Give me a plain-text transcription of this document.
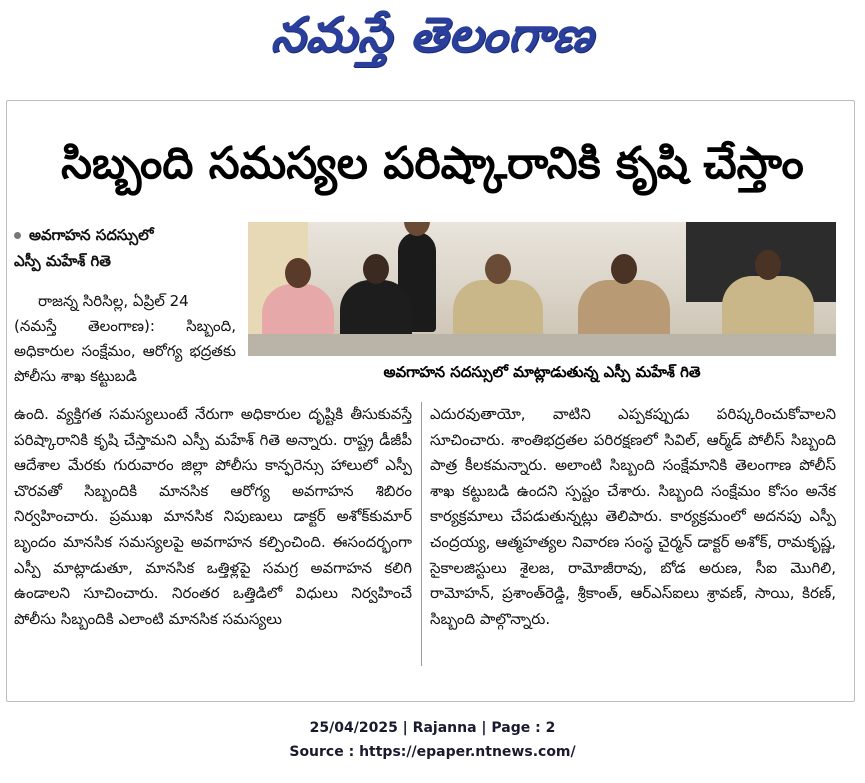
నమస్తే తెలంగాణ
సిబ్బంది సమస్యల పరిష్కారానికి కృషి చేస్తాం
అవగాహన సదస్సులో
ఎస్పీ మహేశ్ గితె
అవగాహన సదస్సులో మాట్లాడుతున్న ఎస్పీ మహేశ్ గితె

రాజన్న సిరిసిల్ల, ఏప్రిల్ 24

(నమస్తే తెలంగాణ): సిబ్బంది, అధికారుల సంక్షేమం, ఆరోగ్య భద్రతకు పోలీసు శాఖ కట్టుబడి

ఉంది. వ్యక్తిగత సమస్యలుంటే నేరుగా అధికారుల దృష్టికి తీసుకువస్తే పరిష్కారానికి కృషి చేస్తామని ఎస్పీ మహేశ్ గితె అన్నారు. రాష్ట్ర డీజీపీ ఆదేశాల మేరకు గురువారం జిల్లా పోలీసు కాన్ఫరెన్సు హాలులో ఎస్పీ చొరవతో సిబ్బందికి మానసిక ఆరోగ్య అవగాహన శిబిరం నిర్వహించారు. ప్రముఖ మానసిక నిపుణులు డాక్టర్ అశోక్‌కుమార్ బృందం మానసిక సమస్యలపై అవగాహన కల్పించింది. ఈసందర్భంగా ఎస్పీ మాట్లాడుతూ, మానసిక ఒత్తిళ్లపై సమగ్ర అవగాహన కలిగి ఉండాలని సూచించారు. నిరంతర ఒత్తిడిలో విధులు నిర్వహించే పోలీసు సిబ్బందికి ఎలాంటి మానసిక సమస్యలు
ఎదురవుతాయో, వాటిని ఎప్పకప్పుడు పరిష్కరించుకోవాలని సూచించారు. శాంతిభద్రతల పరిరక్షణలో సివిల్, ఆర్మ్‌డ్ పోలీస్ సిబ్బంది పాత్ర కీలకమన్నారు. అలాంటి సిబ్బంది సంక్షేమానికి తెలంగాణ పోలీస్ శాఖ కట్టుబడి ఉందని స్పష్టం చేశారు. సిబ్బంది సంక్షేమం కోసం అనేక కార్యక్రమాలు చేపడుతున్నట్లు తెలిపారు. కార్యక్రమంలో అదనపు ఎస్పీ చంద్రయ్య, ఆత్మహత్యల నివారణ సంస్థ చైర్మన్ డాక్టర్ అశోక్, రామకృష్ణ, సైకాలజిస్టులు శైలజ, రామోజీరావు, బోడ అరుణ, సీఐ మొగిలి, రామోహన్, ప్రశాంత్‌రెడ్డి, శ్రీకాంత్, ఆర్ఎస్ఐలు శ్రావణ్, సాయి, కిరణ్, సిబ్బంది పాల్గొన్నారు.
25/04/2025 | Rajanna | Page : 2
Source : https://epaper.ntnews.com/
